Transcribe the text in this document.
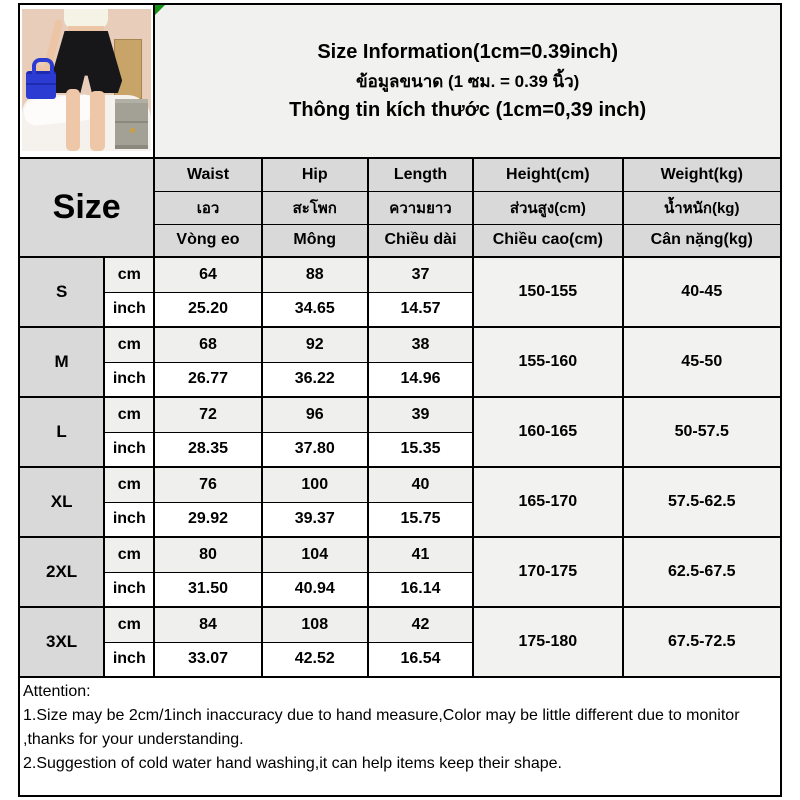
		Size Information(1cm=0.39inch)
ข้อมูลขนาด (1 ซม. = 0.39 นิ้ว)
Thông tin kích thước (1cm=0,39 inch)				

Size		Waist	Hip	Length	Height(cm)	Weight(kg)
		เอว	สะโพก	ความยาว	ส่วนสูง(cm)	น้ำหนัก(kg)
		Vòng eo	Mông	Chiều dài	Chiều cao(cm)	Cân nặng(kg)
S	cm	64	88	37	150-155	40-45
	inch	25.20	34.65	14.57		
M	cm	68	92	38	155-160	45-50
	inch	26.77	36.22	14.96		
L	cm	72	96	39	160-165	50-57.5
	inch	28.35	37.80	15.35		
XL	cm	76	100	40	165-170	57.5-62.5
	inch	29.92	39.37	15.75		
2XL	cm	80	104	41	170-175	62.5-67.5
	inch	31.50	40.94	16.14		
3XL	cm	84	108	42	175-180	67.5-72.5
	inch	33.07	42.52	16.54		
Attention:
1.Size may be 2cm/1inch inaccuracy due to hand measure,Color may be little different due to monitor ,thanks for your understanding.
2.Suggestion of cold water hand washing,it can help items keep their shape.
